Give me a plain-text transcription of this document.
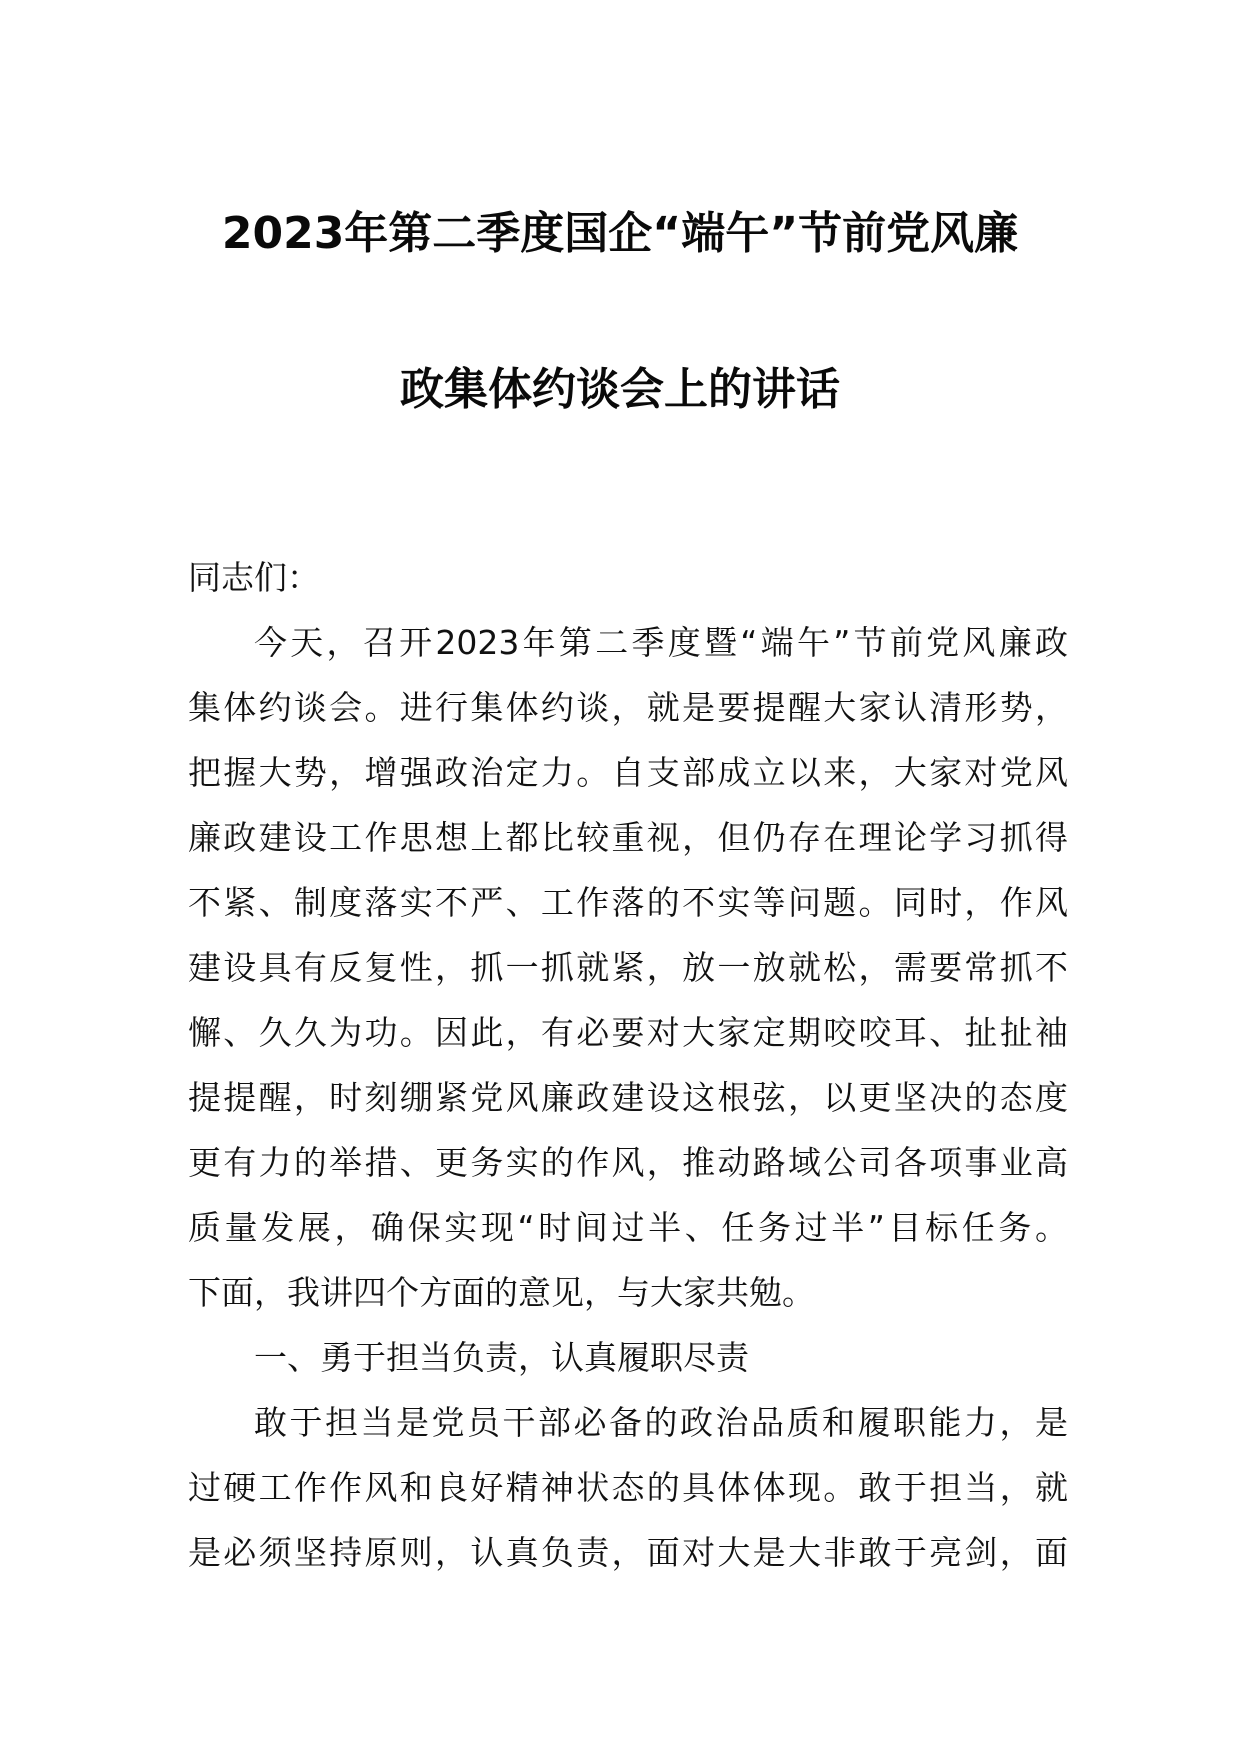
2023年第二季度国企“端午”节前党风廉
政集体约谈会上的讲话
同志们：
今天，召开2023年第二季度暨“端午”节前党风廉政
集体约谈会。进行集体约谈，就是要提醒大家认清形势，
把握大势，增强政治定力。自支部成立以来，大家对党风
廉政建设工作思想上都比较重视，但仍存在理论学习抓得
不紧、制度落实不严、工作落的不实等问题。同时，作风
建设具有反复性，抓一抓就紧，放一放就松，需要常抓不
懈、久久为功。因此，有必要对大家定期咬咬耳、扯扯袖
提提醒，时刻绷紧党风廉政建设这根弦，以更坚决的态度
更有力的举措、更务实的作风，推动路域公司各项事业高
质量发展，确保实现“时间过半、任务过半”目标任务。
下面，我讲四个方面的意见，与大家共勉。
一、勇于担当负责，认真履职尽责
敢于担当是党员干部必备的政治品质和履职能力，是
过硬工作作风和良好精神状态的具体体现。敢于担当，就
是必须坚持原则，认真负责，面对大是大非敢于亮剑，面
